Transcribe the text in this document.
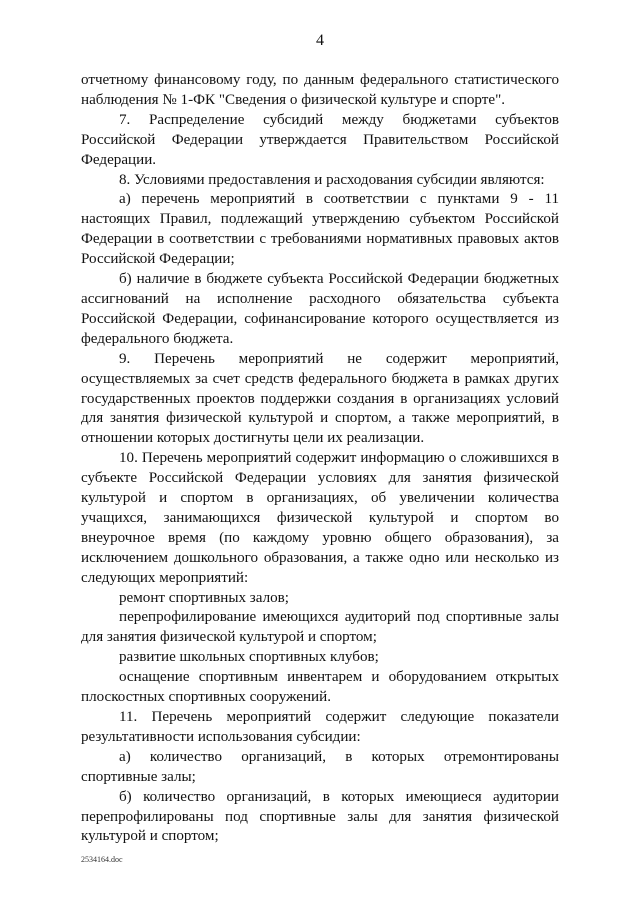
4

отчетному финансовому году, по данным федерального статистического наблюдения № 1-ФК "Сведения о физической культуре и спорте".

7. Распределение субсидий между бюджетами субъектов Российской Федерации утверждается Правительством Российской Федерации.

8. Условиями предоставления и расходования субсидии являются:

а) перечень мероприятий в соответствии с пунктами 9 - 11 настоящих Правил, подлежащий утверждению субъектом Российской Федерации в соответствии с требованиями нормативных правовых актов Российской Федерации;

б) наличие в бюджете субъекта Российской Федерации бюджетных ассигнований на исполнение расходного обязательства субъекта Российской Федерации, софинансирование которого осуществляется из федерального бюджета.

9. Перечень мероприятий не содержит мероприятий, осуществляемых за счет средств федерального бюджета в рамках других государственных проектов поддержки создания в организациях условий для занятия физической культурой и спортом, а также мероприятий, в отношении которых достигнуты цели их реализации.

10. Перечень мероприятий содержит информацию о сложившихся в субъекте Российской Федерации условиях для занятия физической культурой и спортом в организациях, об увеличении количества учащихся, занимающихся физической культурой и спортом во внеурочное время (по каждому уровню общего образования), за исключением дошкольного образования, а также одно или несколько из следующих мероприятий:

ремонт спортивных залов;

перепрофилирование имеющихся аудиторий под спортивные залы для занятия физической культурой и спортом;

развитие школьных спортивных клубов;

оснащение спортивным инвентарем и оборудованием открытых плоскостных спортивных сооружений.

11. Перечень мероприятий содержит следующие показатели результативности использования субсидии:

а) количество организаций, в которых отремонтированы спортивные залы;

б) количество организаций, в которых имеющиеся аудитории перепрофилированы под спортивные залы для занятия физической культурой и спортом;

2534164.doc
